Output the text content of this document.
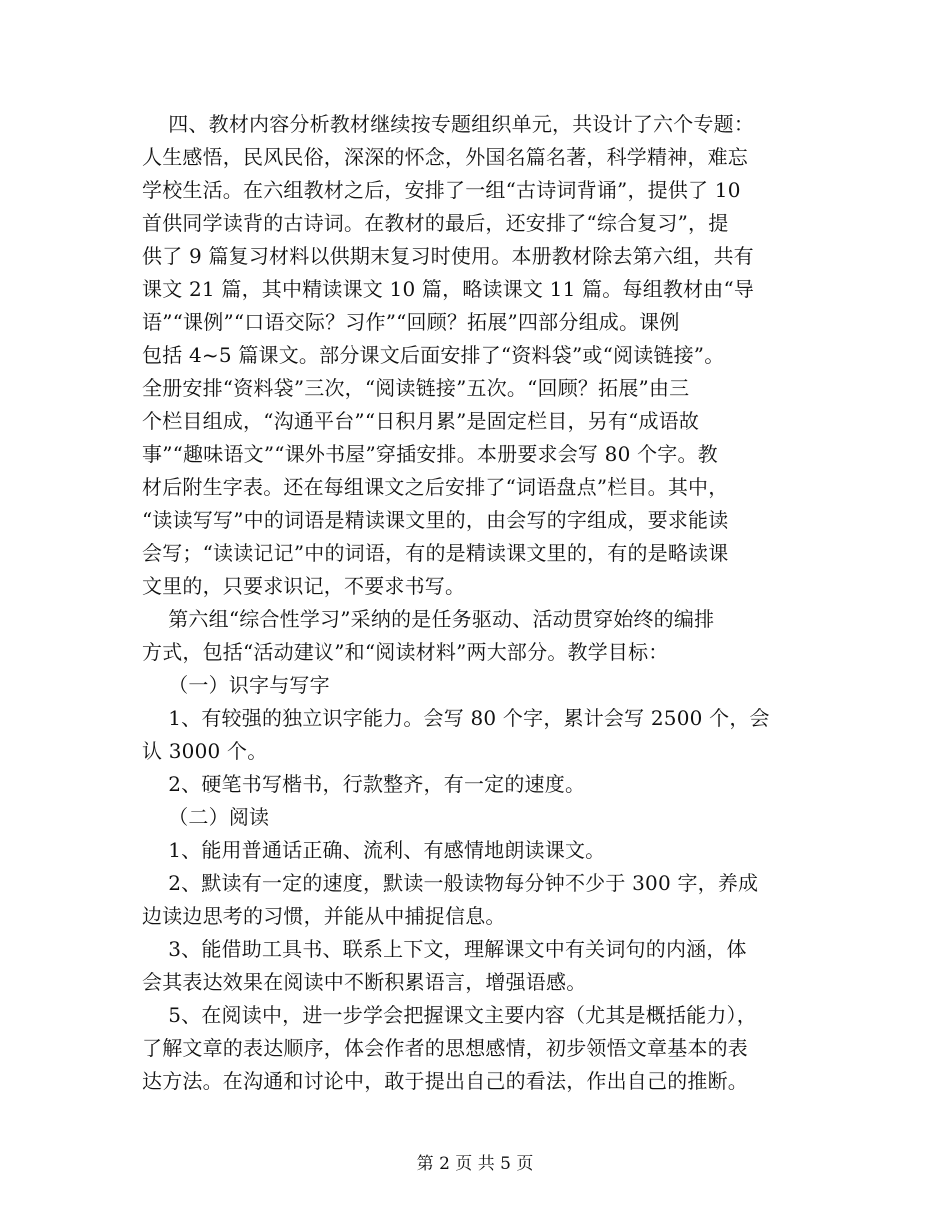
四、教材内容分析教材继续按专题组织单元，共设计了六个专题：
人生感悟，民风民俗，深深的怀念，外国名篇名著，科学精神，难忘
学校生活。在六组教材之后，安排了一组“古诗词背诵”，提供了 10
首供同学读背的古诗词。在教材的最后，还安排了“综合复习”，提
供了 9 篇复习材料以供期末复习时使用。本册教材除去第六组，共有
课文 21 篇，其中精读课文 10 篇，略读课文 11 篇。每组教材由“导
语”“课例”“口语交际？习作”“回顾？拓展”四部分组成。课例
包括 4~5 篇课文。部分课文后面安排了“资料袋”或“阅读链接”。
全册安排“资料袋”三次，“阅读链接”五次。“回顾？拓展”由三
个栏目组成，“沟通平台”“日积月累”是固定栏目，另有“成语故
事”“趣味语文”“课外书屋”穿插安排。本册要求会写 80 个字。教
材后附生字表。还在每组课文之后安排了“词语盘点”栏目。其中，
“读读写写”中的词语是精读课文里的，由会写的字组成，要求能读
会写；“读读记记”中的词语，有的是精读课文里的，有的是略读课
文里的，只要求识记，不要求书写。
第六组“综合性学习”采纳的是任务驱动、活动贯穿始终的编排
方式，包括“活动建议”和“阅读材料”两大部分。教学目标：
（一）识字与写字
1、有较强的独立识字能力。会写 80 个字，累计会写 2500 个，会
认 3000 个。
2、硬笔书写楷书，行款整齐，有一定的速度。
（二）阅读
1、能用普通话正确、流利、有感情地朗读课文。
2、默读有一定的速度，默读一般读物每分钟不少于 300 字，养成
边读边思考的习惯，并能从中捕捉信息。
3、能借助工具书、联系上下文，理解课文中有关词句的内涵，体
会其表达效果在阅读中不断积累语言，增强语感。
5、在阅读中，进一步学会把握课文主要内容（尤其是概括能力），
了解文章的表达顺序，体会作者的思想感情，初步领悟文章基本的表
达方法。在沟通和讨论中，敢于提出自己的看法，作出自己的推断。
第 2 页 共 5 页
